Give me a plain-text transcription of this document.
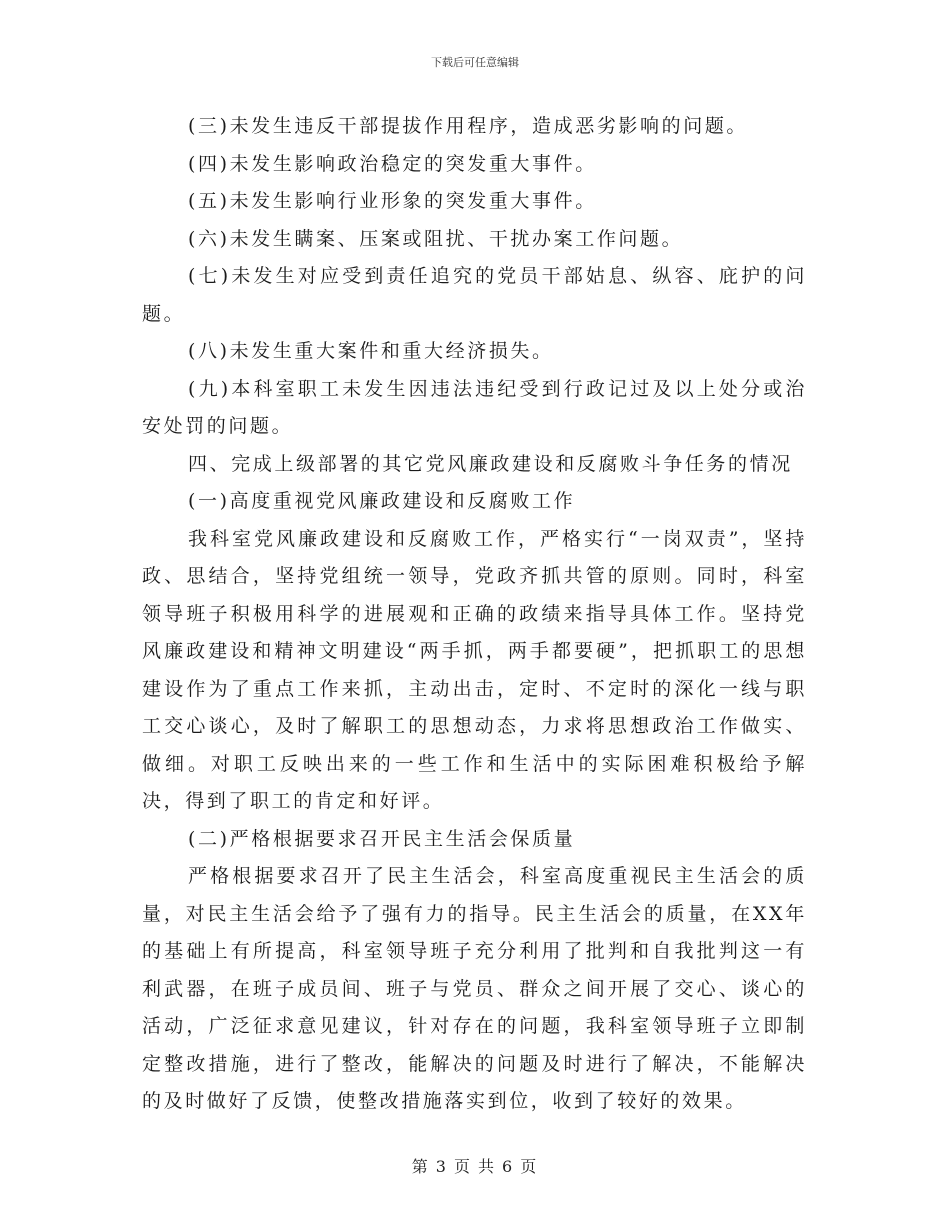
下载后可任意编辑

(三)未发生违反干部提拔作用程序，造成恶劣影响的问题。

(四)未发生影响政治稳定的突发重大事件。

(五)未发生影响行业形象的突发重大事件。

(六)未发生瞒案、压案或阻扰、干扰办案工作问题。

(七)未发生对应受到责任追究的党员干部姑息、纵容、庇护的问题。

(八)未发生重大案件和重大经济损失。

(九)本科室职工未发生因违法违纪受到行政记过及以上处分或治安处罚的问题。

四、完成上级部署的其它党风廉政建设和反腐败斗争任务的情况

(一)高度重视党风廉政建设和反腐败工作

我科室党风廉政建设和反腐败工作，严格实行“一岗双责”，坚持政、思结合，坚持党组统一领导，党政齐抓共管的原则。同时，科室领导班子积极用科学的进展观和正确的政绩来指导具体工作。坚持党风廉政建设和精神文明建设“两手抓，两手都要硬”，把抓职工的思想建设作为了重点工作来抓，主动出击，定时、不定时的深化一线与职工交心谈心，及时了解职工的思想动态，力求将思想政治工作做实、做细。对职工反映出来的一些工作和生活中的实际困难积极给予解决，得到了职工的肯定和好评。

(二)严格根据要求召开民主生活会保质量

严格根据要求召开了民主生活会，科室高度重视民主生活会的质量，对民主生活会给予了强有力的指导。民主生活会的质量，在XX年的基础上有所提高，科室领导班子充分利用了批判和自我批判这一有利武器，在班子成员间、班子与党员、群众之间开展了交心、谈心的活动，广泛征求意见建议，针对存在的问题，我科室领导班子立即制定整改措施，进行了整改，能解决的问题及时进行了解决，不能解决的及时做好了反馈，使整改措施落实到位，收到了较好的效果。

第 3 页 共 6 页
